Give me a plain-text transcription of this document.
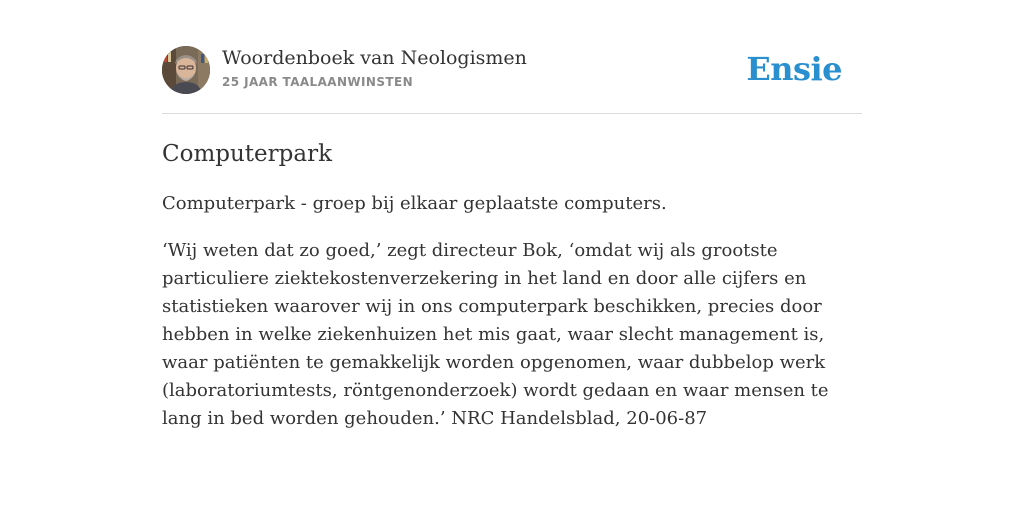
Woordenboek van Neologismen
25 JAAR TAALAANWINSTEN	Ensie
Computerpark

Computerpark - groep bij elkaar geplaatste computers.

‘Wij weten dat zo goed,’ zegt directeur Bok, ‘omdat wij als grootste particuliere ziektekostenverzekering in het land en door alle cijfers en statistieken waarover wij in ons computerpark beschikken, precies door hebben in welke ziekenhuizen het mis gaat, waar slecht management is, waar patiënten te gemakkelijk worden opgenomen, waar dubbelop werk (laboratoriumtests, röntgenonderzoek) wordt gedaan en waar mensen te lang in bed worden gehouden.’ NRC Handelsblad, 20-06-87
